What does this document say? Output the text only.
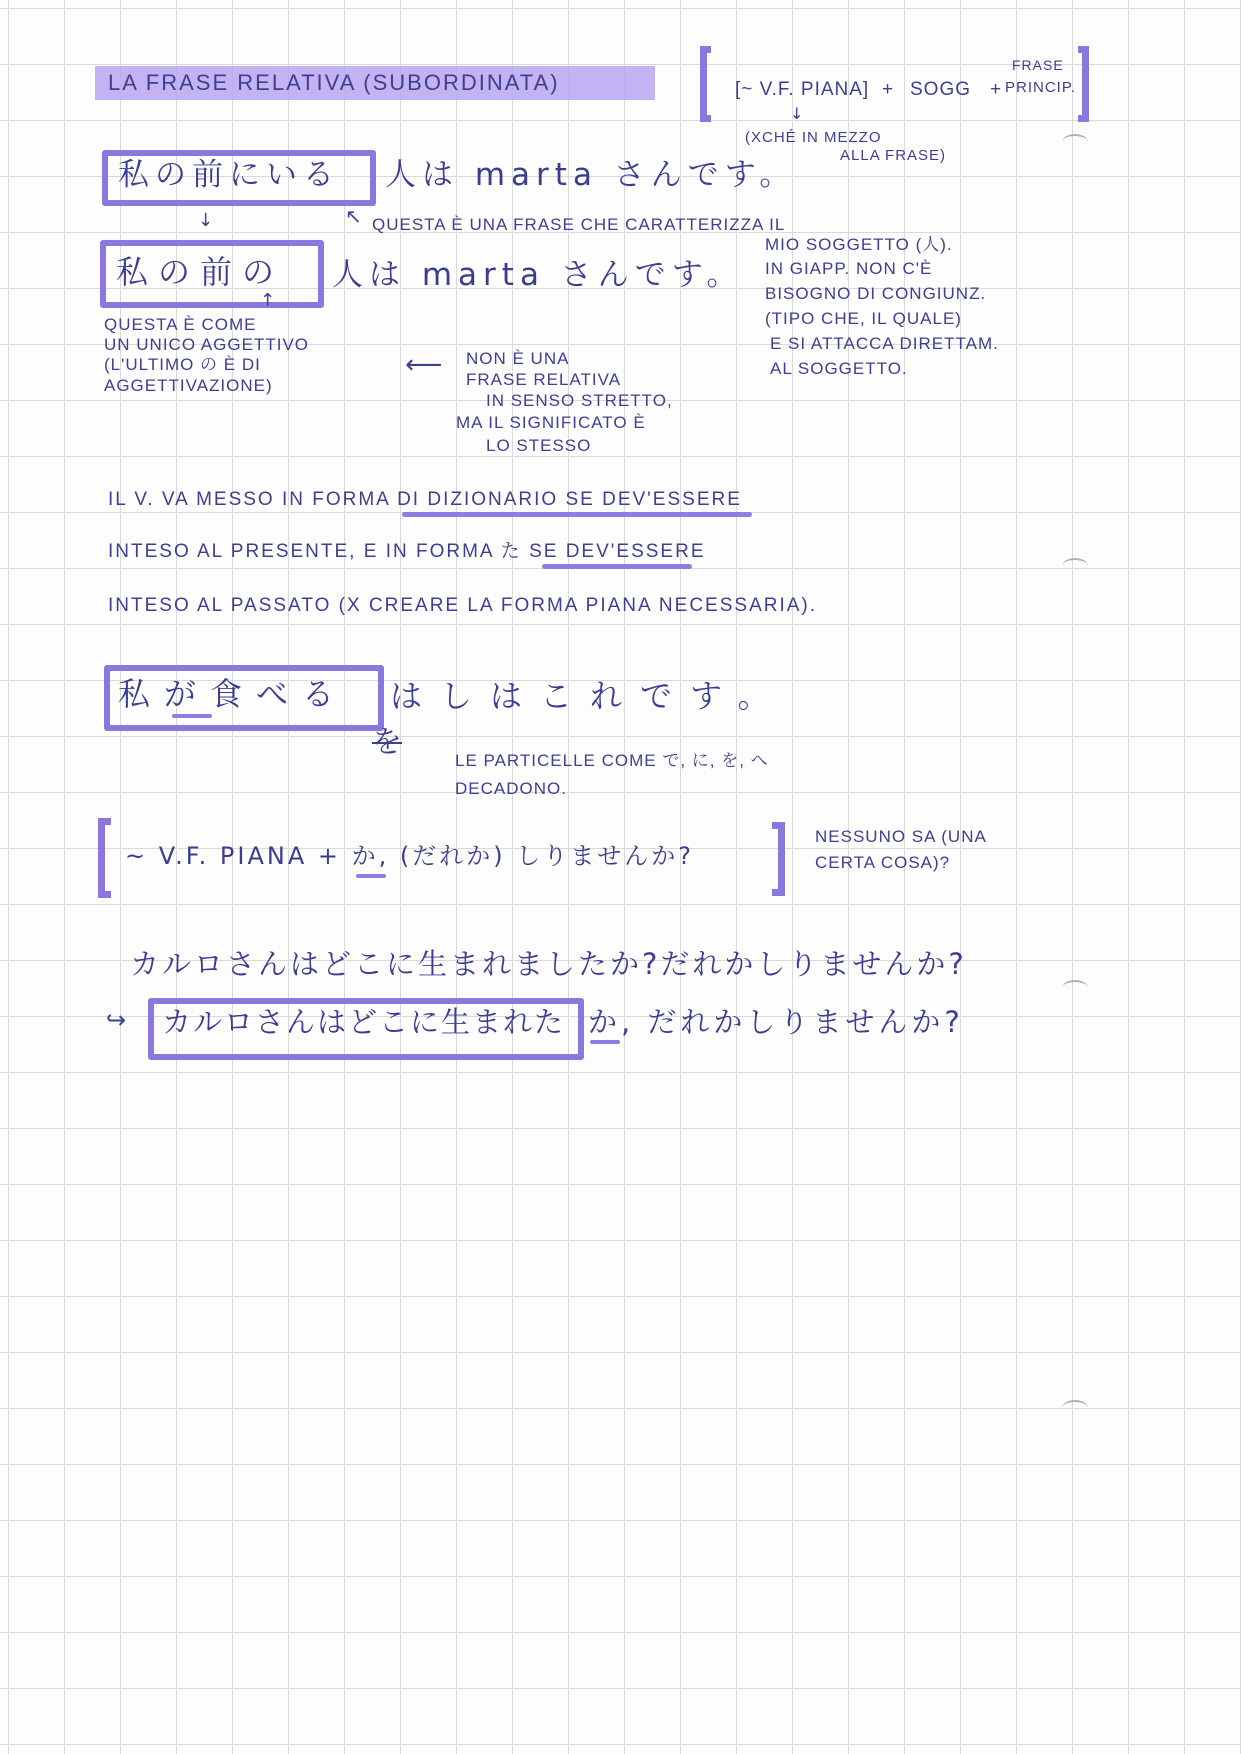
LA FRASE RELATIVA (SUBORDINATA)	[~ V.F. PIANA] + SOGG +
FRASE
PRINCIP.
↓
(XCHÉ IN MEZZO
ALLA FRASE)
私の前にいる 人は marta さんです。
↓	↖ QUESTA È UNA FRASE CHE CARATTERIZZA IL
MIO SOGGETTO (人).
IN GIAPP. NON C'È
BISOGNO DI CONGIUNZ.
(TIPO CHE, IL QUALE)
E SI ATTACCA DIRETTAM.
AL SOGGETTO.
私の前の 人は marta さんです。
↑
QUESTA È COME
UN UNICO AGGETTIVO
(L'ULTIMO の È DI
AGGETTIVAZIONE)
⟵ NON È UNA
FRASE RELATIVA
IN SENSO STRETTO,
MA IL SIGNIFICATO È
LO STESSO
IL V. VA MESSO IN FORMA DI DIZIONARIO SE DEV'ESSERE
INTESO AL PRESENTE, E IN FORMA た SE DEV'ESSERE
INTESO AL PASSATO (X CREARE LA FORMA PIANA NECESSARIA).
私が食べる はしはこれです。
を
LE PARTICELLE COME で, に, を, へ
DECADONO.
~ V.F. PIANA + か, (だれか) しりませんか?
NESSUNO SA (UNA
CERTA COSA)?
カルロさんはどこに生まれましたか?だれかしりませんか?
↪ カルロさんはどこに生まれた か, だれかしりませんか?
